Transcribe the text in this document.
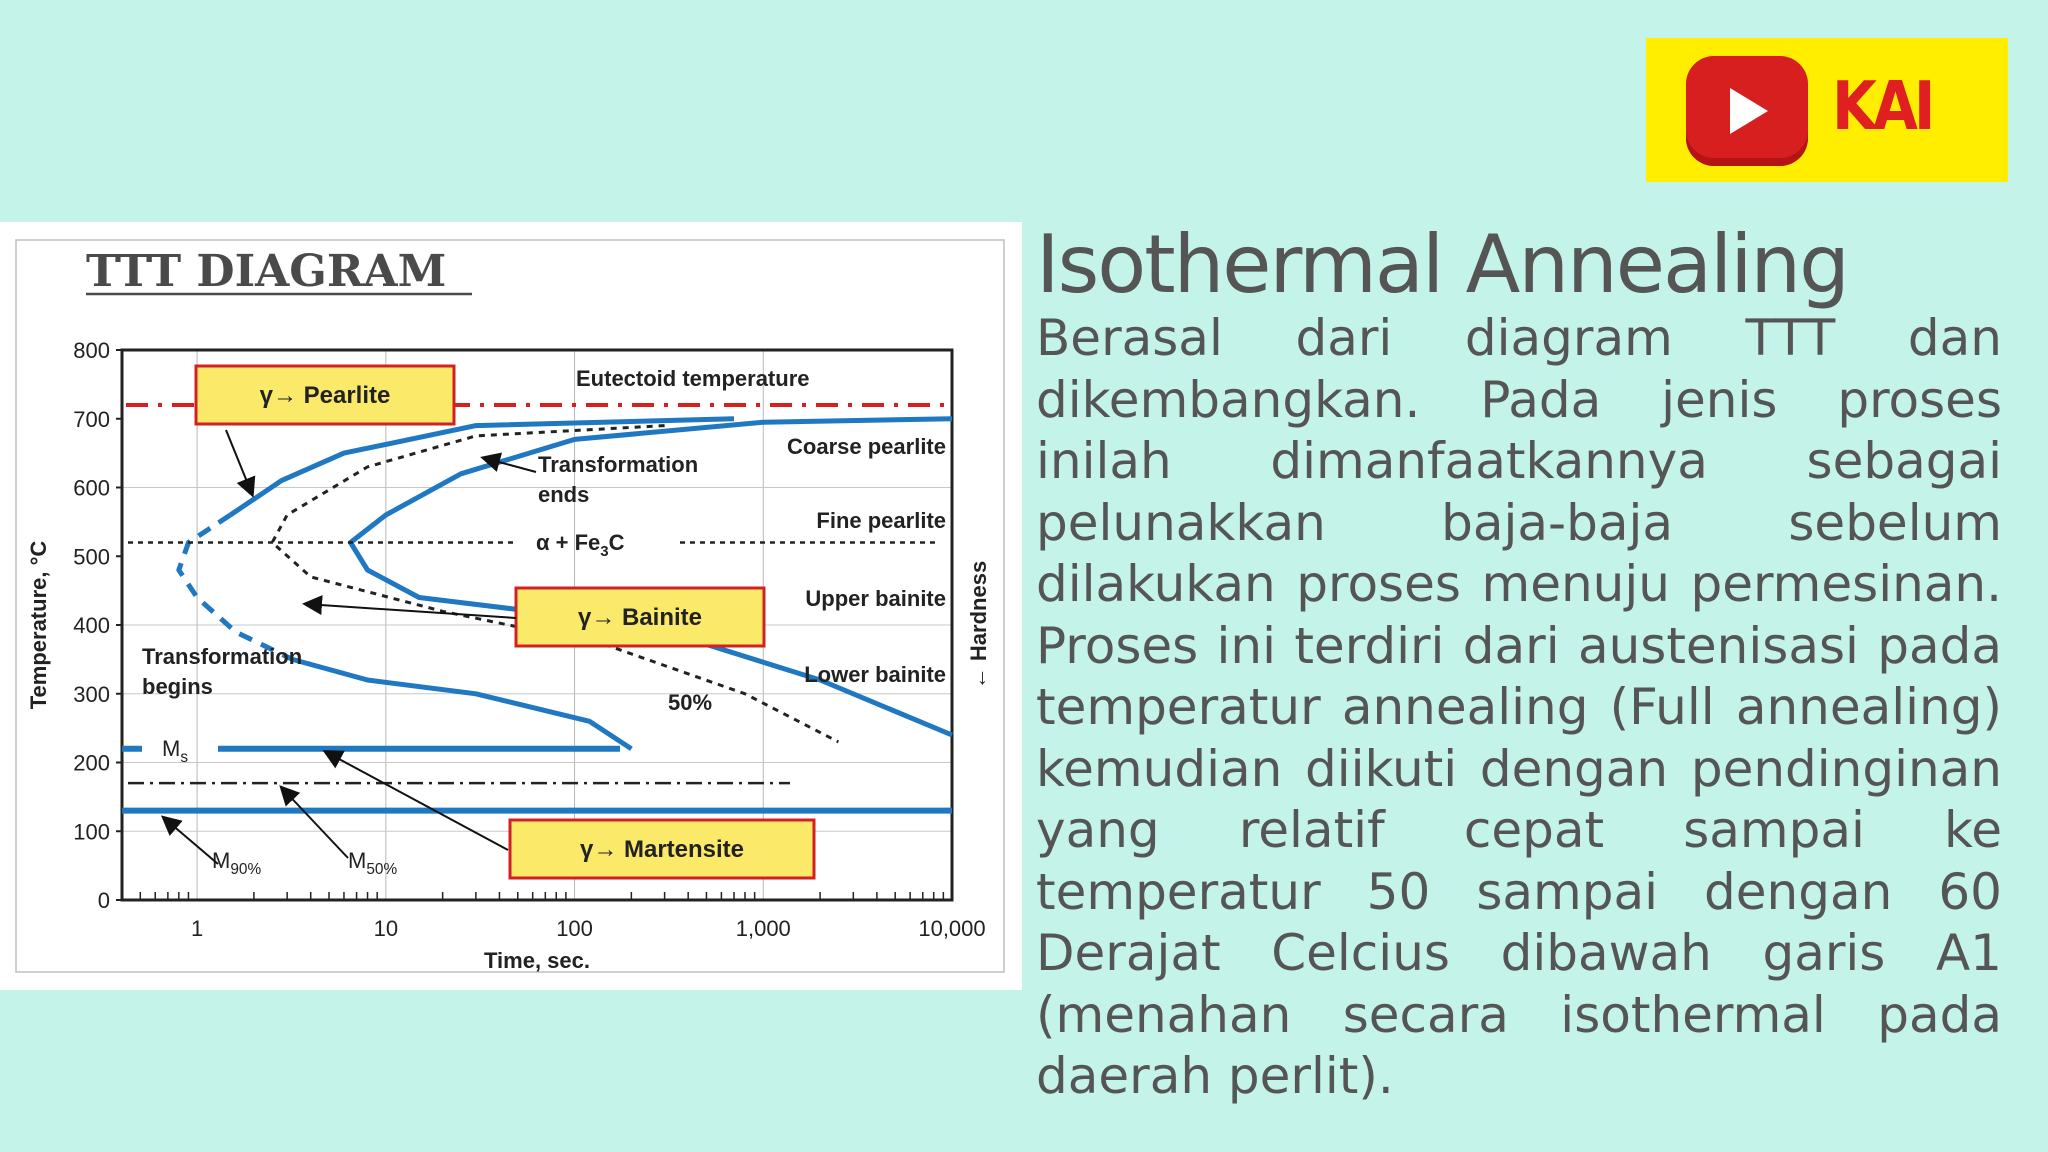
KAI
TTT DIAGRAM
800
700
600
500
400
300
200
100
0
1	10	100	1,000	10,000
Time, sec.
Temperature, °C	← Hardness
γ→ Pearlite
γ→ Bainite
γ→ Martensite
Eutectoid temperature
Transformation
ends
$\alpha + Fe_3C$
Coarse pearlite
Fine pearlite
Upper bainite
Lower bainite
Transformation
begins
50%
$M_s$
$M_{90\%}$	$M_{50\%}$
Isothermal Annealing

Berasal dari diagram TTT dan dikembangkan. Pada jenis proses inilah dimanfaatkannya sebagai pelunakkan baja-baja sebelum dilakukan proses menuju permesinan. Proses ini terdiri dari austenisasi pada temperatur annealing (Full annealing) kemudian diikuti dengan pendinginan yang relatif cepat sampai ke temperatur 50 sampai dengan 60 Derajat Celcius dibawah garis A1 (menahan secara isothermal pada daerah perlit).
